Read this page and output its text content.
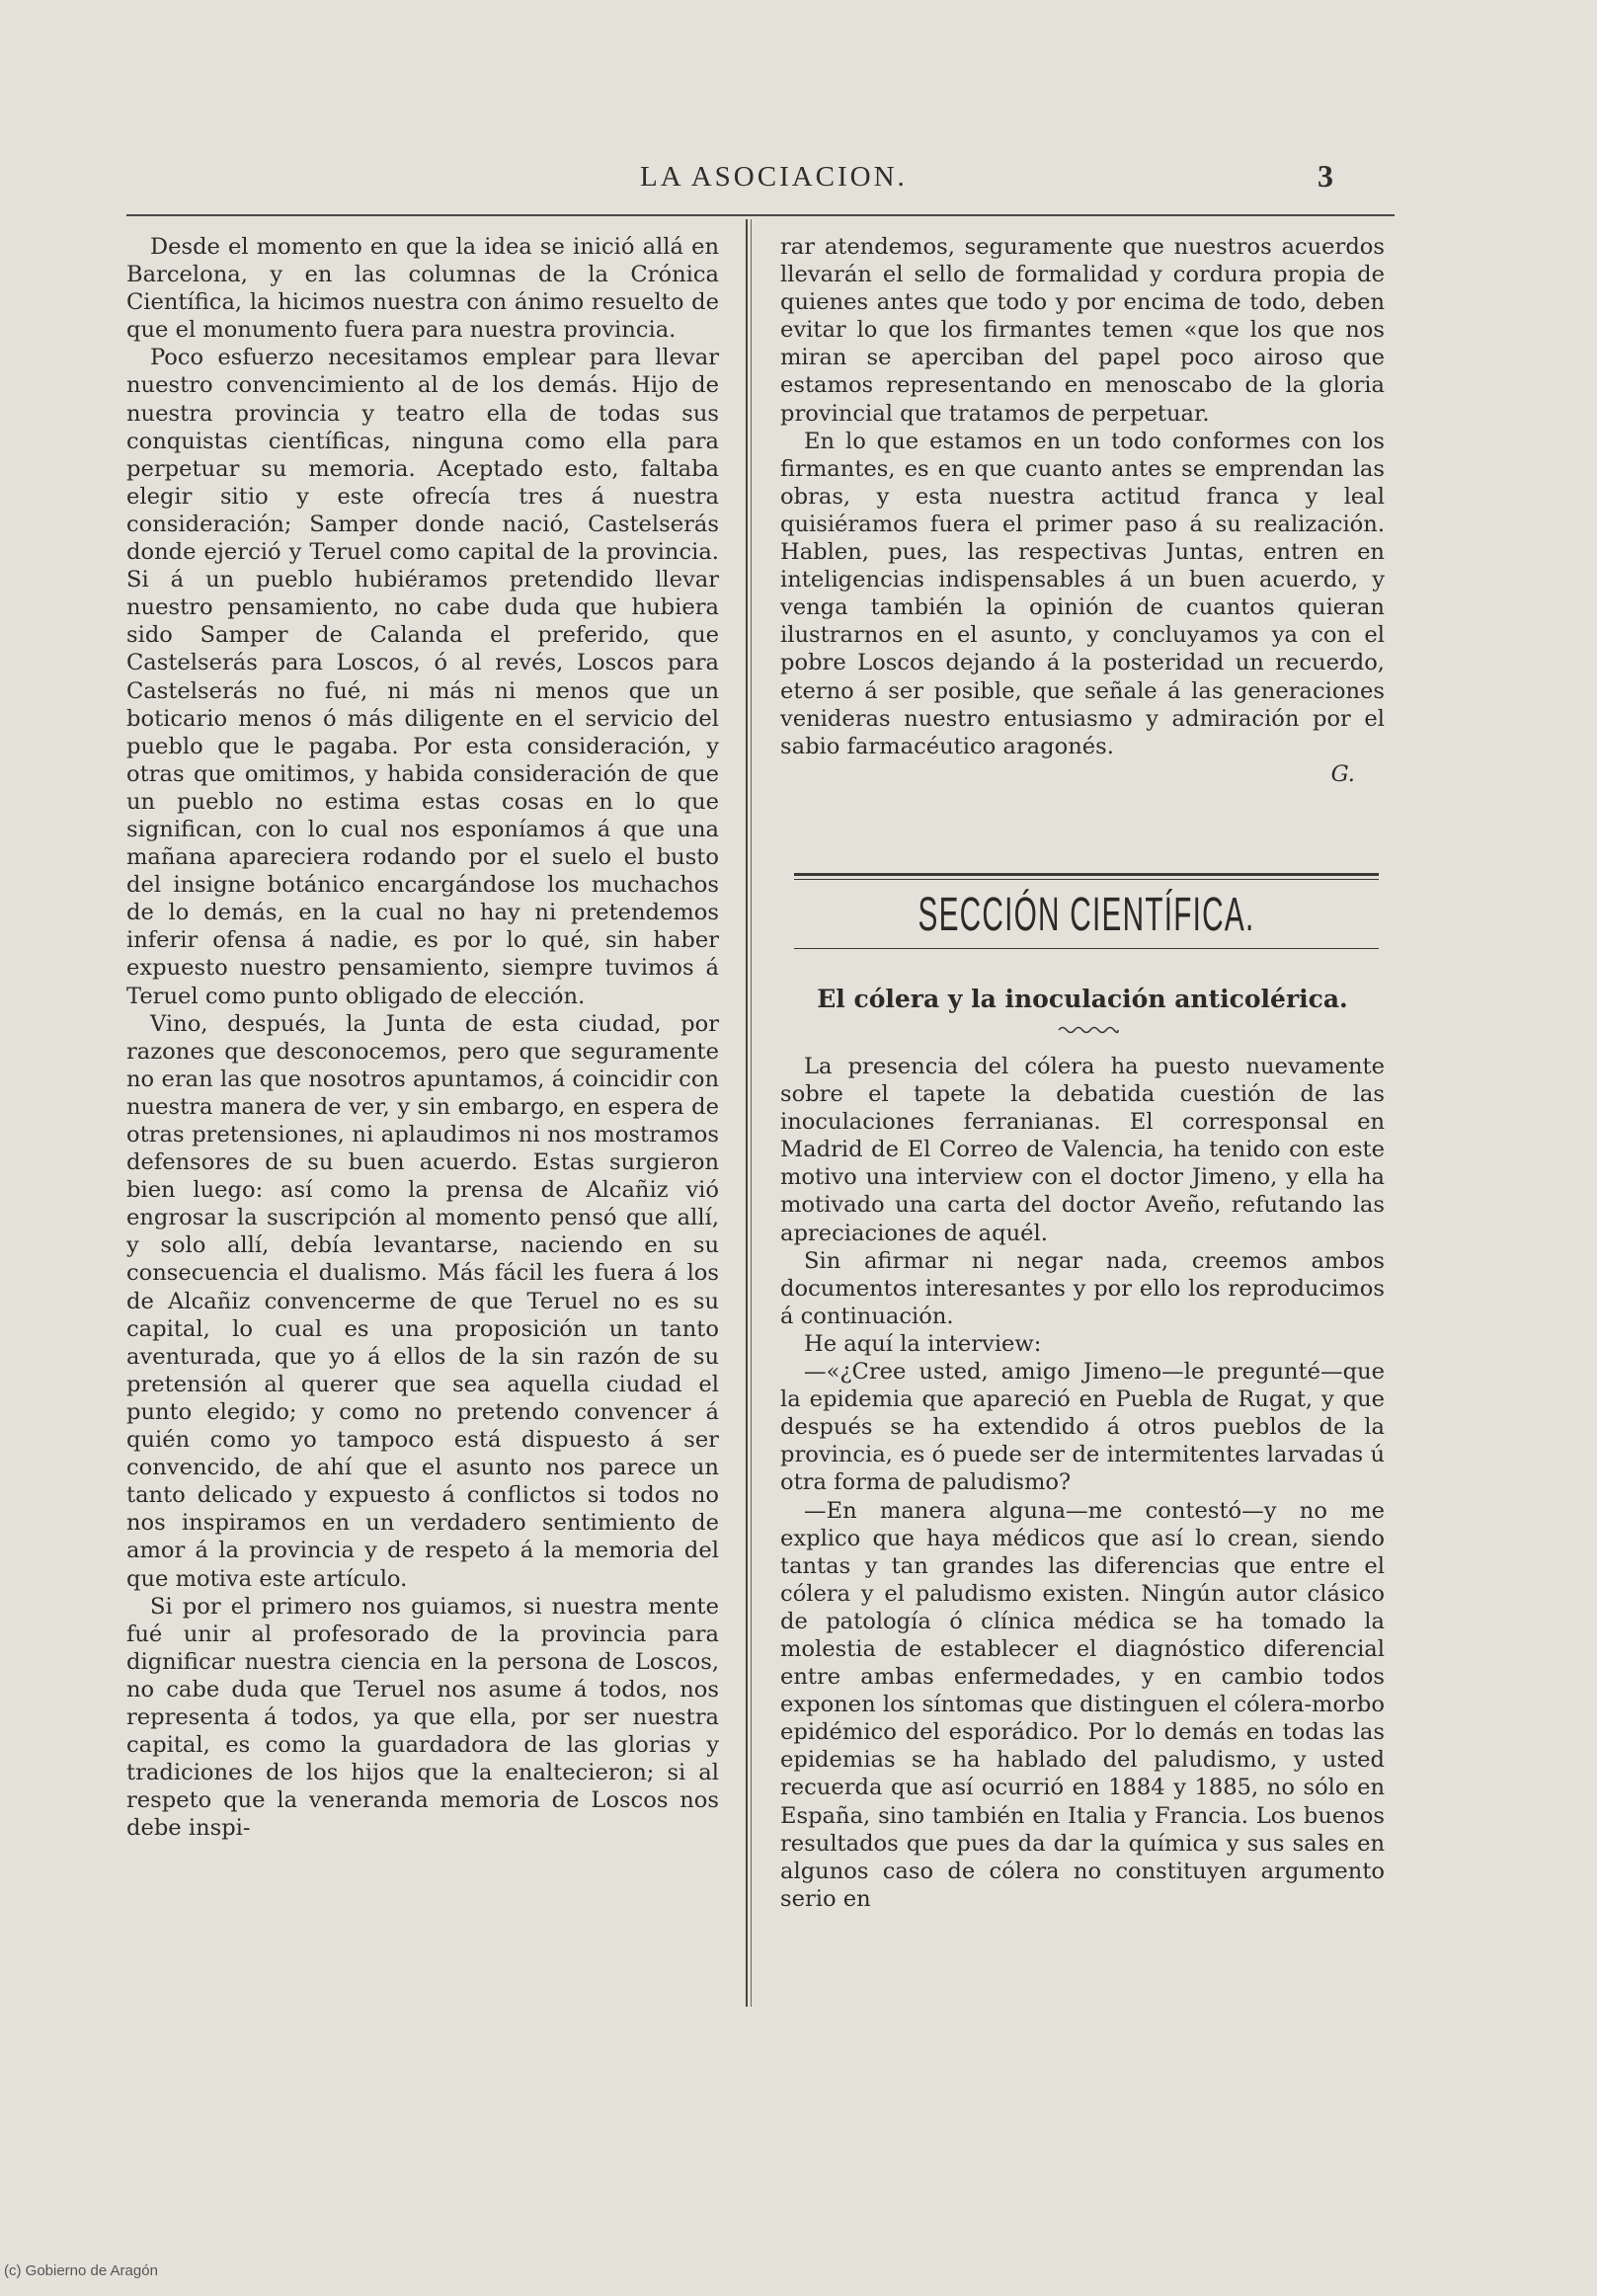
LA ASOCIACION.	3

Desde el momento en que la idea se inició allá en Barcelona, y en las columnas de la Crónica Científica, la hicimos nuestra con ánimo resuelto de que el monumento fuera para nuestra provincia.

Poco esfuerzo necesitamos emplear para llevar nuestro convencimiento al de los demás. Hijo de nuestra provincia y teatro ella de todas sus conquistas científicas, ninguna como ella para perpetuar su memoria. Aceptado esto, faltaba elegir sitio y este ofrecía tres á nuestra consideración; Samper donde nació, Castelserás donde ejerció y Teruel como capital de la provincia. Si á un pueblo hubiéramos pretendido llevar nuestro pensamiento, no cabe duda que hubiera sido Samper de Calanda el preferido, que Castelserás para Loscos, ó al revés, Loscos para Castelserás no fué, ni más ni menos que un boticario menos ó más diligente en el servicio del pueblo que le pagaba. Por esta consideración, y otras que omitimos, y habida consideración de que un pueblo no estima estas cosas en lo que significan, con lo cual nos esponíamos á que una mañana apareciera rodando por el suelo el busto del insigne botánico encargándose los muchachos de lo demás, en la cual no hay ni pretendemos inferir ofensa á nadie, es por lo qué, sin haber expuesto nuestro pensamiento, siempre tuvimos á Teruel como punto obligado de elección.

Vino, después, la Junta de esta ciudad, por razones que desconocemos, pero que seguramente no eran las que nosotros apuntamos, á coincidir con nuestra manera de ver, y sin embargo, en espera de otras pretensiones, ni aplaudimos ni nos mostramos defensores de su buen acuerdo. Estas surgieron bien luego: así como la prensa de Alcañiz vió engrosar la suscripción al momento pensó que allí, y solo allí, debía levantarse, naciendo en su consecuencia el dualismo. Más fácil les fuera á los de Alcañiz convencerme de que Teruel no es su capital, lo cual es una proposición un tanto aventurada, que yo á ellos de la sin razón de su pretensión al querer que sea aquella ciudad el punto elegido; y como no pretendo convencer á quién como yo tampoco está dispuesto á ser convencido, de ahí que el asunto nos parece un tanto delicado y expuesto á conflictos si todos no nos inspiramos en un verdadero sentimiento de amor á la provincia y de respeto á la memoria del que motiva este artículo.

Si por el primero nos guiamos, si nuestra mente fué unir al profesorado de la provincia para dignificar nuestra ciencia en la persona de Loscos, no cabe duda que Teruel nos asume á todos, nos representa á todos, ya que ella, por ser nuestra capital, es como la guardadora de las glorias y tradiciones de los hijos que la enaltecieron; si al respeto que la veneranda memoria de Loscos nos debe inspi-

rar atendemos, seguramente que nuestros acuerdos llevarán el sello de formalidad y cordura propia de quienes antes que todo y por encima de todo, deben evitar lo que los firmantes temen «que los que nos miran se aperciban del papel poco airoso que estamos representando en menoscabo de la gloria provincial que tratamos de perpetuar.

En lo que estamos en un todo conformes con los firmantes, es en que cuanto antes se emprendan las obras, y esta nuestra actitud franca y leal quisiéramos fuera el primer paso á su realización. Hablen, pues, las respectivas Juntas, entren en inteligencias indispensables á un buen acuerdo, y venga también la opinión de cuantos quieran ilustrarnos en el asunto, y concluyamos ya con el pobre Loscos dejando á la posteridad un recuerdo, eterno á ser posible, que señale á las generaciones venideras nuestro entusiasmo y admiración por el sabio farmacéutico aragonés.

G.

SECCIÓN CIENTÍFICA.
El cólera y la inoculación anticolérica.

La presencia del cólera ha puesto nuevamente sobre el tapete la debatida cuestión de las inoculaciones ferranianas. El corresponsal en Madrid de El Correo de Valencia, ha tenido con este motivo una interview con el doctor Jimeno, y ella ha motivado una carta del doctor Aveño, refutando las apreciaciones de aquél.

Sin afirmar ni negar nada, creemos ambos documentos interesantes y por ello los reproducimos á continuación.

He aquí la interview:

—«¿Cree usted, amigo Jimeno—le pregunté—que la epidemia que apareció en Puebla de Rugat, y que después se ha extendido á otros pueblos de la provincia, es ó puede ser de intermitentes larvadas ú otra forma de paludismo?

—En manera alguna—me contestó—y no me explico que haya médicos que así lo crean, siendo tantas y tan grandes las diferencias que entre el cólera y el paludismo existen. Ningún autor clásico de patología ó clínica médica se ha tomado la molestia de establecer el diagnóstico diferencial entre ambas enfermedades, y en cambio todos exponen los síntomas que distinguen el cólera-morbo epidémico del esporádico. Por lo demás en todas las epidemias se ha hablado del paludismo, y usted recuerda que así ocurrió en 1884 y 1885, no sólo en España, sino también en Italia y Francia. Los buenos resultados que pues da dar la química y sus sales en algunos caso de cólera no constituyen argumento serio en

(c) Gobierno de Aragón
